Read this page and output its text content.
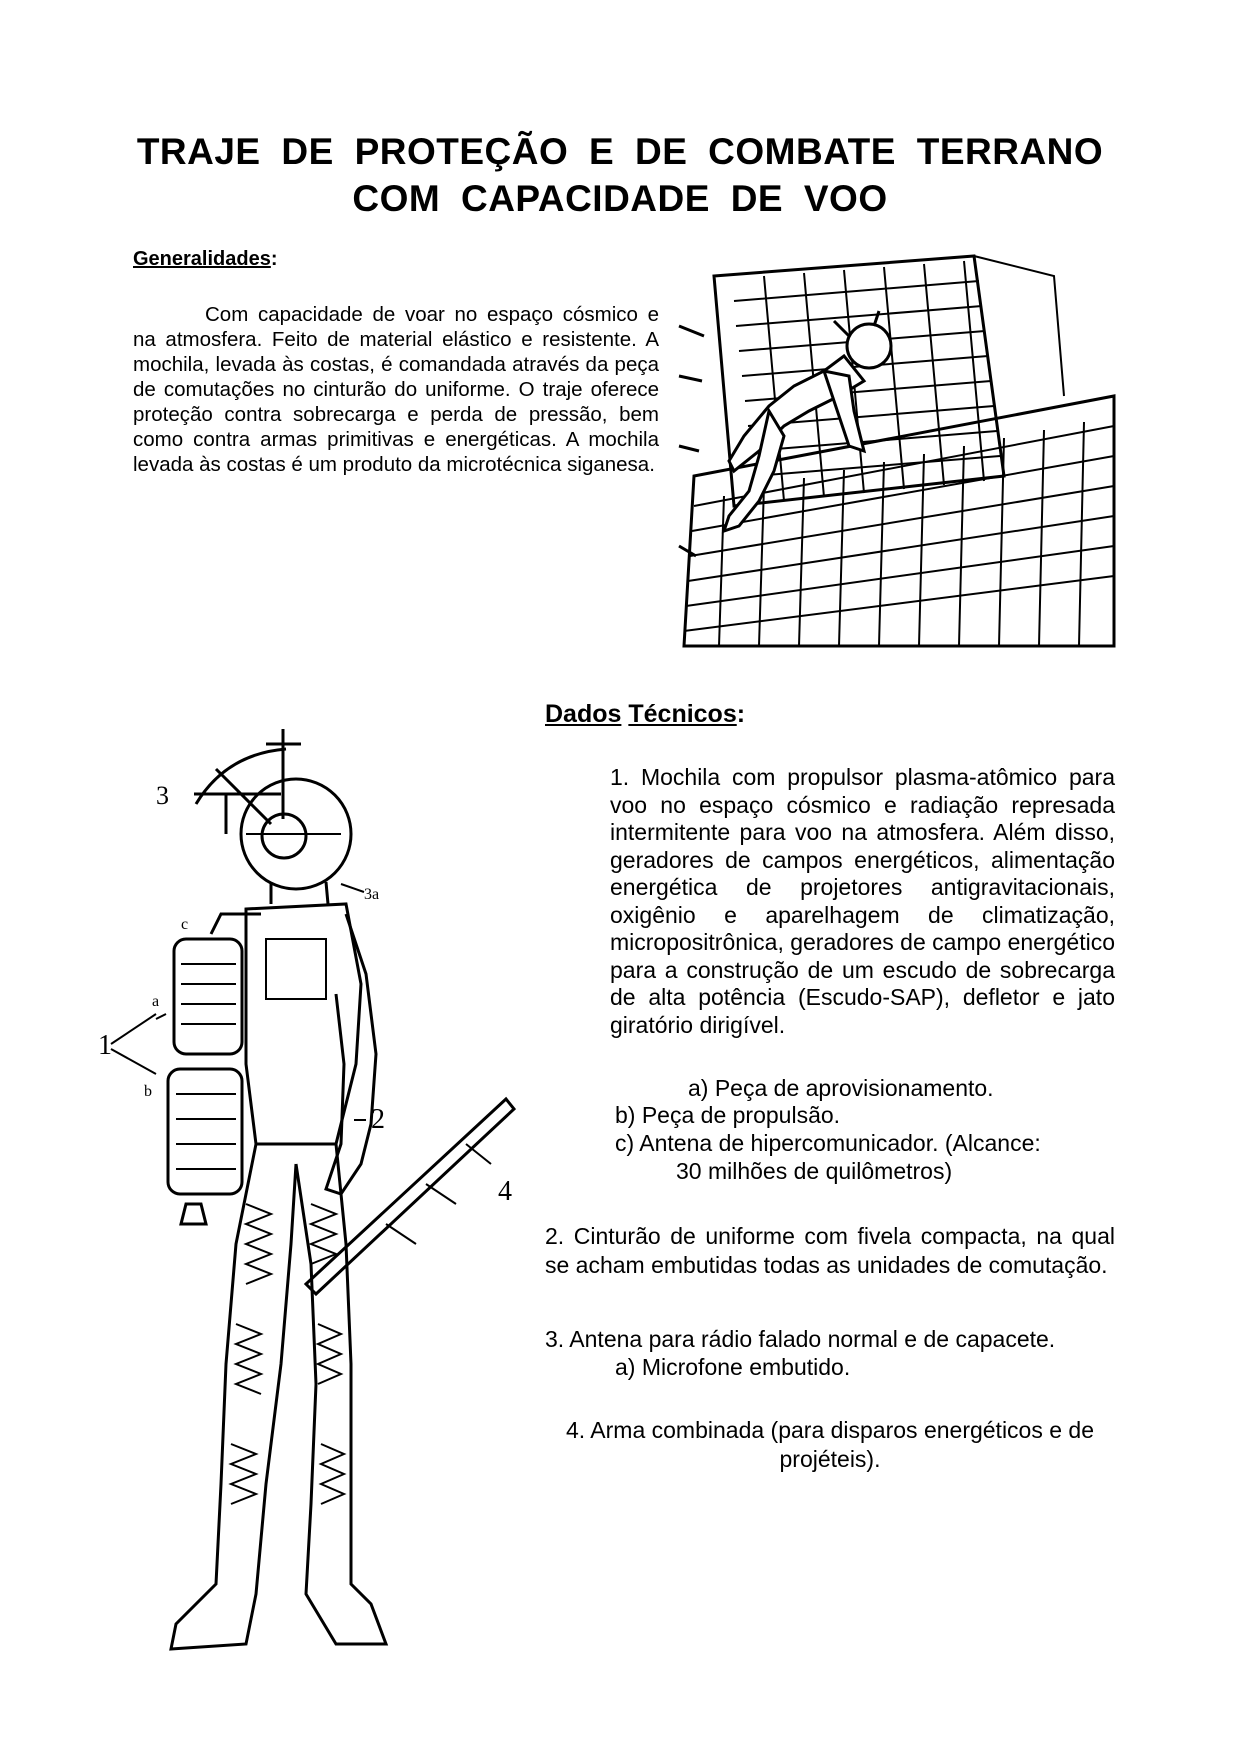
TRAJE DE PROTEÇÃO E DE COMBATE TERRANO
COM CAPACIDADE DE VOO
Generalidades:
Com capacidade de voar no espaço cósmico e na atmosfera. Feito de material elástico e resistente. A mochila, levada às costas, é comandada através da peça de comutações no cinturão do uniforme. O traje oferece proteção contra sobrecarga e perda de pressão, bem como contra armas primitivas e energéticas. A mochila levada às costas é um produto da microtécnica siganesa.
Dados Técnicos:
1. Mochila com propulsor plasma-atômico para voo no espaço cósmico e radiação represada intermitente para voo na atmosfera. Além disso, geradores de campos energéticos, alimentação energética de projetores antigravitacionais, oxigênio e aparelhagem de climatização, micropositrônica, geradores de campo energético para a construção de um escudo de sobrecarga de alta potência (Escudo-SAP), defletor e jato giratório dirigível.
a) Peça de aprovisionamento.
b) Peça de propulsão.
c) Antena de hipercomunicador. (Alcance:
30 milhões de quilômetros)
2. Cinturão de uniforme com fivela compacta, na qual se acham embutidas todas as unidades de comutação.
3. Antena para rádio falado normal e de capacete.
a) Microfone embutido.
4. Arma combinada (para disparos energéticos e de projéteis).
3
3a
c
a
b
1
2
4
